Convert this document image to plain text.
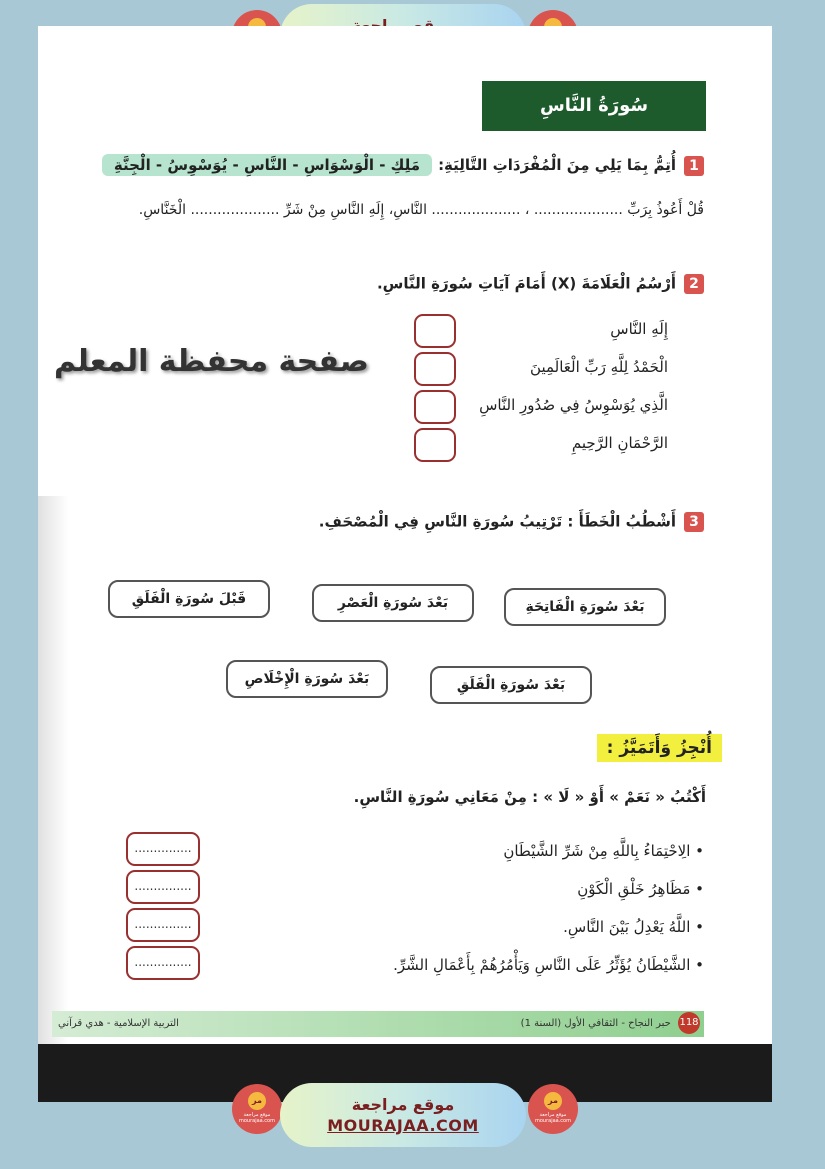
سُورَةُ النَّاسِ
1أُتِمُّ بِمَا يَلِي مِنَ الْمُفْرَدَاتِ التَّالِيَةِ:مَلِكِ - الْوَسْوَاسِ - النَّاسِ - يُوَسْوِسُ - الْجِنَّةِ
قُلْ أَعُوذُ بِرَبِّ .................... ، .................... النَّاسِ، إِلَهِ النَّاسِ مِنْ شَرِّ .................... الْخَنَّاسِ.
2أَرْسُمُ الْعَلَامَةَ (X) أَمَامَ آيَاتِ سُورَةِ النَّاسِ.
إِلَهِ النَّاسِ
الْحَمْدُ لِلَّهِ رَبِّ الْعَالَمِينَ
الَّذِي يُوَسْوِسُ فِي صُدُورِ النَّاسِ
الرَّحْمَانِ الرَّحِيمِ
صفحة محفظة المعلم
3أَشْطُبُ الْخَطَأَ : تَرْتِيبُ سُورَةِ النَّاسِ فِي الْمُصْحَفِ.
بَعْدَ سُورَةِ الْفَاتِحَةِ
بَعْدَ سُورَةِ الْعَصْرِ
قَبْلَ سُورَةِ الْفَلَقِ
بَعْدَ سُورَةِ الْفَلَقِ
بَعْدَ سُورَةِ الْإِخْلَاصِ
أُنْجِزُ وَأَتَمَيَّزُ :
أَكْتُبُ « نَعَمْ » أَوْ « لَا » : مِنْ مَعَانِي سُورَةِ النَّاسِ.
• الِاحْتِمَاءُ بِاللَّهِ مِنْ شَرِّ الشَّيْطَانِ
• مَظَاهِرُ خَلْقِ الْكَوْنِ
• اللَّهُ يَعْدِلُ بَيْنَ النَّاسِ.
• الشَّيْطَانُ يُؤَثِّرُ عَلَى النَّاسِ وَيَأْمُرُهُمْ بِأَعْمَالِ الشَّرِّ.
...............
...............
...............
...............
118 حبر النجاح - الثقافي الأول (السنة 1)
التربية الإسلامية - هدي قرآني
مر
موقع مراجعة mourajaa.com
موقع مراجعة
MOURAJAA.COM
مر
موقع مراجعة mourajaa.com
